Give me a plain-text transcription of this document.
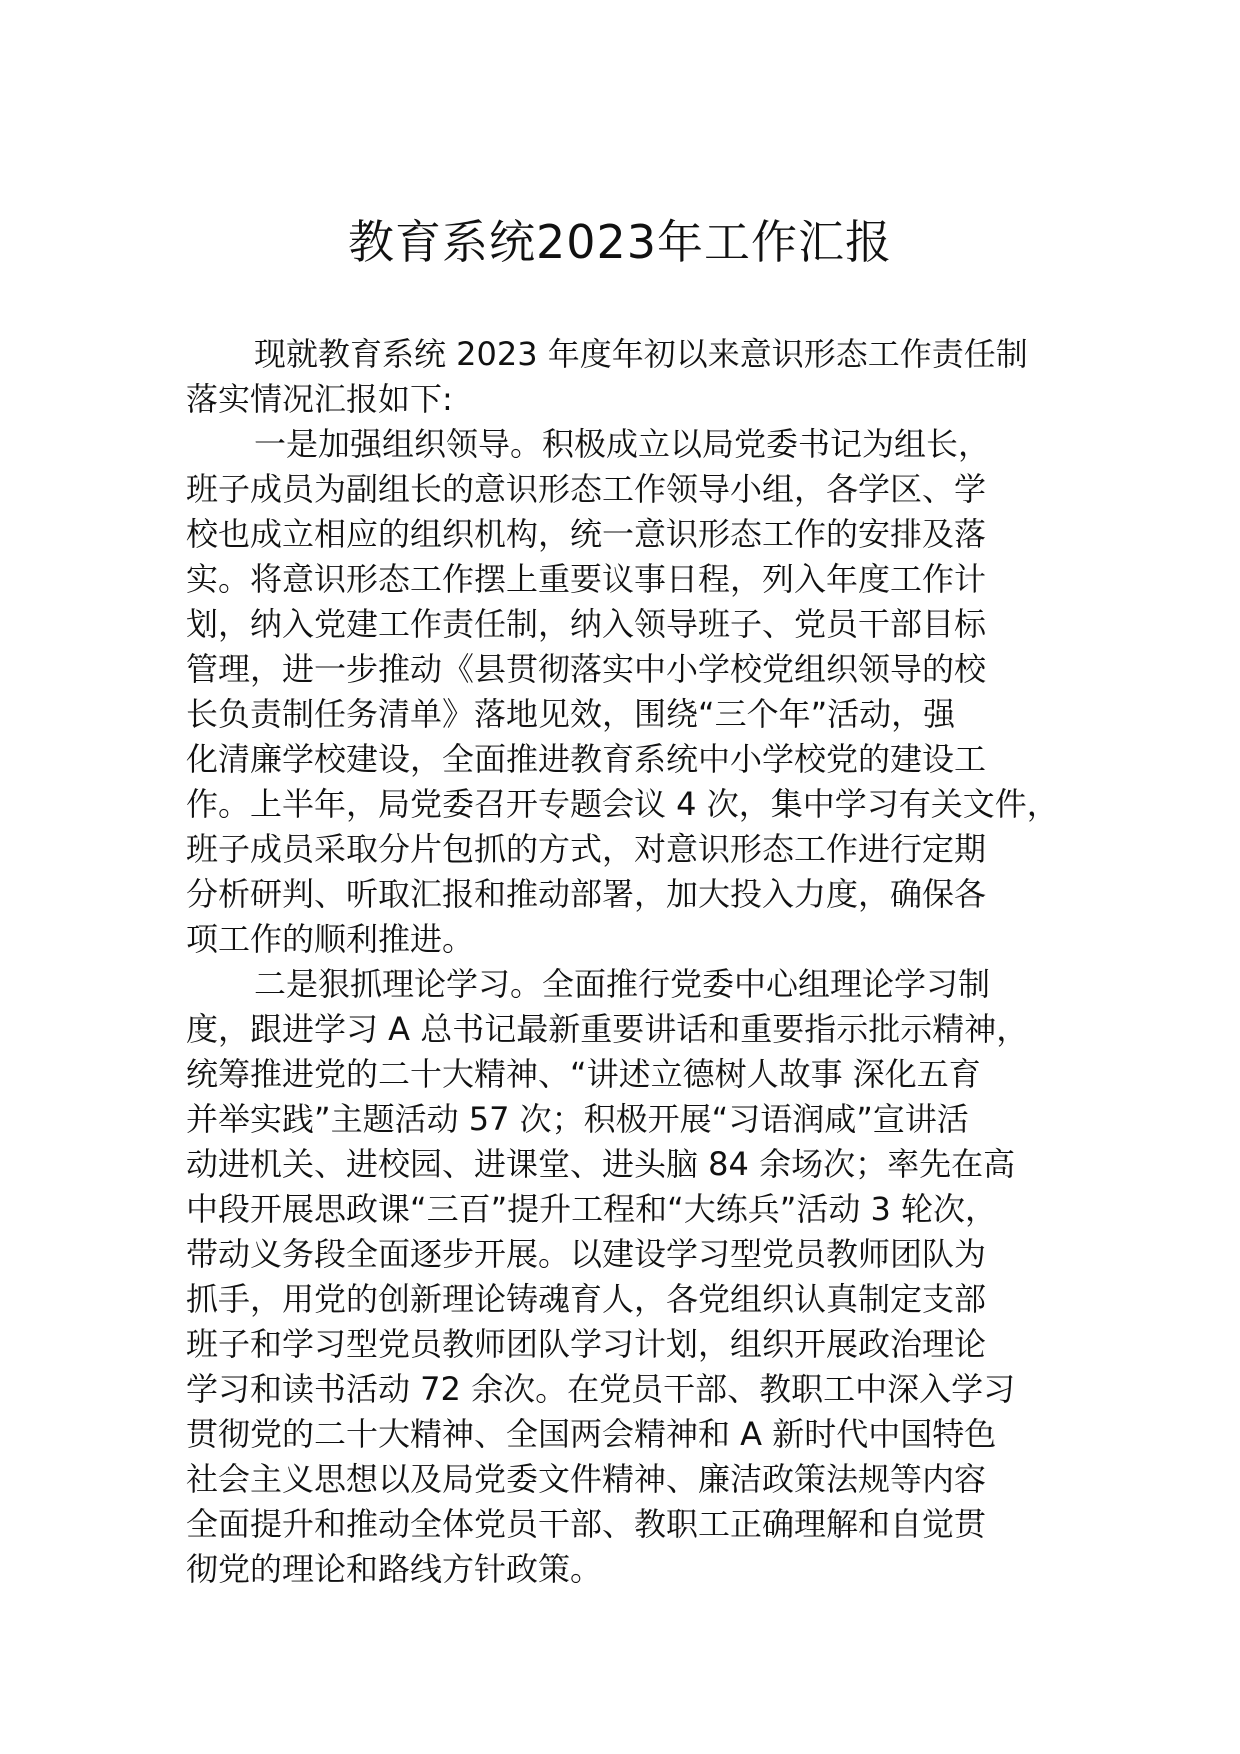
教育系统2023年工作汇报

现就教育系统 2023 年度年初以来意识形态工作责任制
落实情况汇报如下:

一是加强组织领导。积极成立以局党委书记为组长，
班子成员为副组长的意识形态工作领导小组，各学区、学
校也成立相应的组织机构，统一意识形态工作的安排及落
实。将意识形态工作摆上重要议事日程，列入年度工作计
划，纳入党建工作责任制，纳入领导班子、党员干部目标
管理，进一步推动《县贯彻落实中小学校党组织领导的校
长负责制任务清单》落地见效，围绕“三个年”活动，强
化清廉学校建设，全面推进教育系统中小学校党的建设工
作。上半年，局党委召开专题会议 4 次，集中学习有关文件，
班子成员采取分片包抓的方式，对意识形态工作进行定期
分析研判、听取汇报和推动部署，加大投入力度，确保各
项工作的顺利推进。

二是狠抓理论学习。全面推行党委中心组理论学习制
度，跟进学习 A 总书记最新重要讲话和重要指示批示精神，
统筹推进党的二十大精神、“讲述立德树人故事 深化五育
并举实践”主题活动 57 次；积极开展“习语润咸”宣讲活
动进机关、进校园、进课堂、进头脑 84 余场次；率先在高
中段开展思政课“三百”提升工程和“大练兵”活动 3 轮次，
带动义务段全面逐步开展。以建设学习型党员教师团队为
抓手，用党的创新理论铸魂育人，各党组织认真制定支部
班子和学习型党员教师团队学习计划，组织开展政治理论
学习和读书活动 72 余次。在党员干部、教职工中深入学习
贯彻党的二十大精神、全国两会精神和 A 新时代中国特色
社会主义思想以及局党委文件精神、廉洁政策法规等内容
全面提升和推动全体党员干部、教职工正确理解和自觉贯
彻党的理论和路线方针政策。
